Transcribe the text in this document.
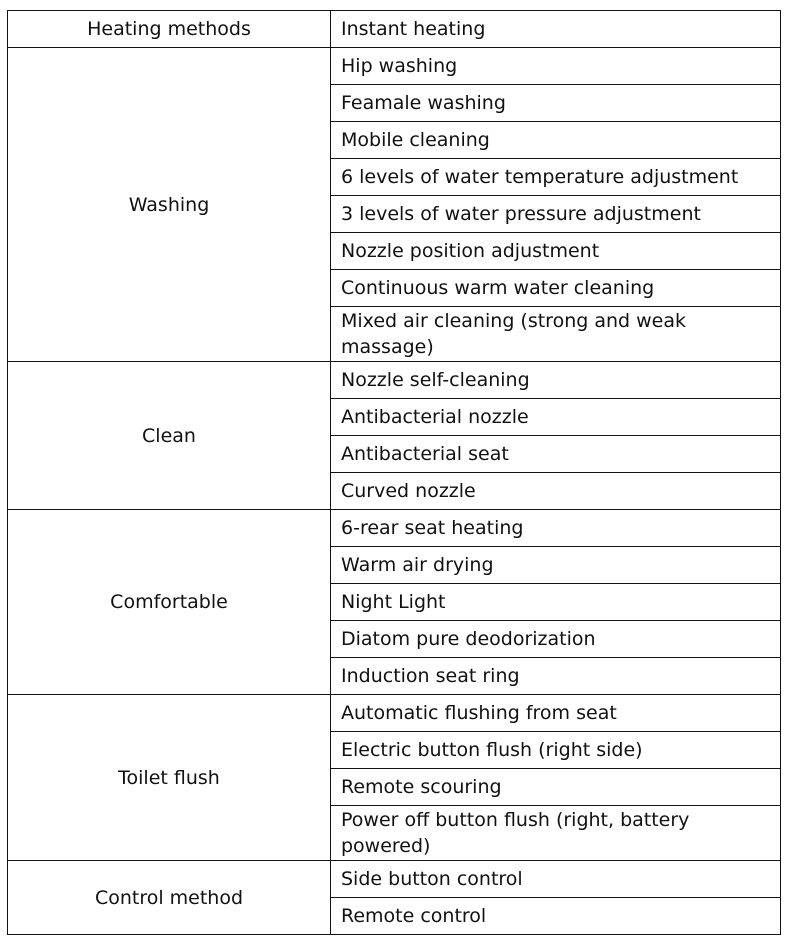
Heating methods	Instant heating
Washing	Hip washing
	Feamale washing
	Mobile cleaning
	6 levels of water temperature adjustment
	3 levels of water pressure adjustment
	Nozzle position adjustment
	Continuous warm water cleaning
	Mixed air cleaning (strong and weak massage)
Clean	Nozzle self-cleaning
	Antibacterial nozzle
	Antibacterial seat
	Curved nozzle
Comfortable	6-rear seat heating
	Warm air drying
	Night Light
	Diatom pure deodorization
	Induction seat ring
Toilet flush	Automatic flushing from seat
	Electric button flush (right side)
	Remote scouring
	Power off button flush (right, battery powered)
Control method	Side button control
	Remote control
